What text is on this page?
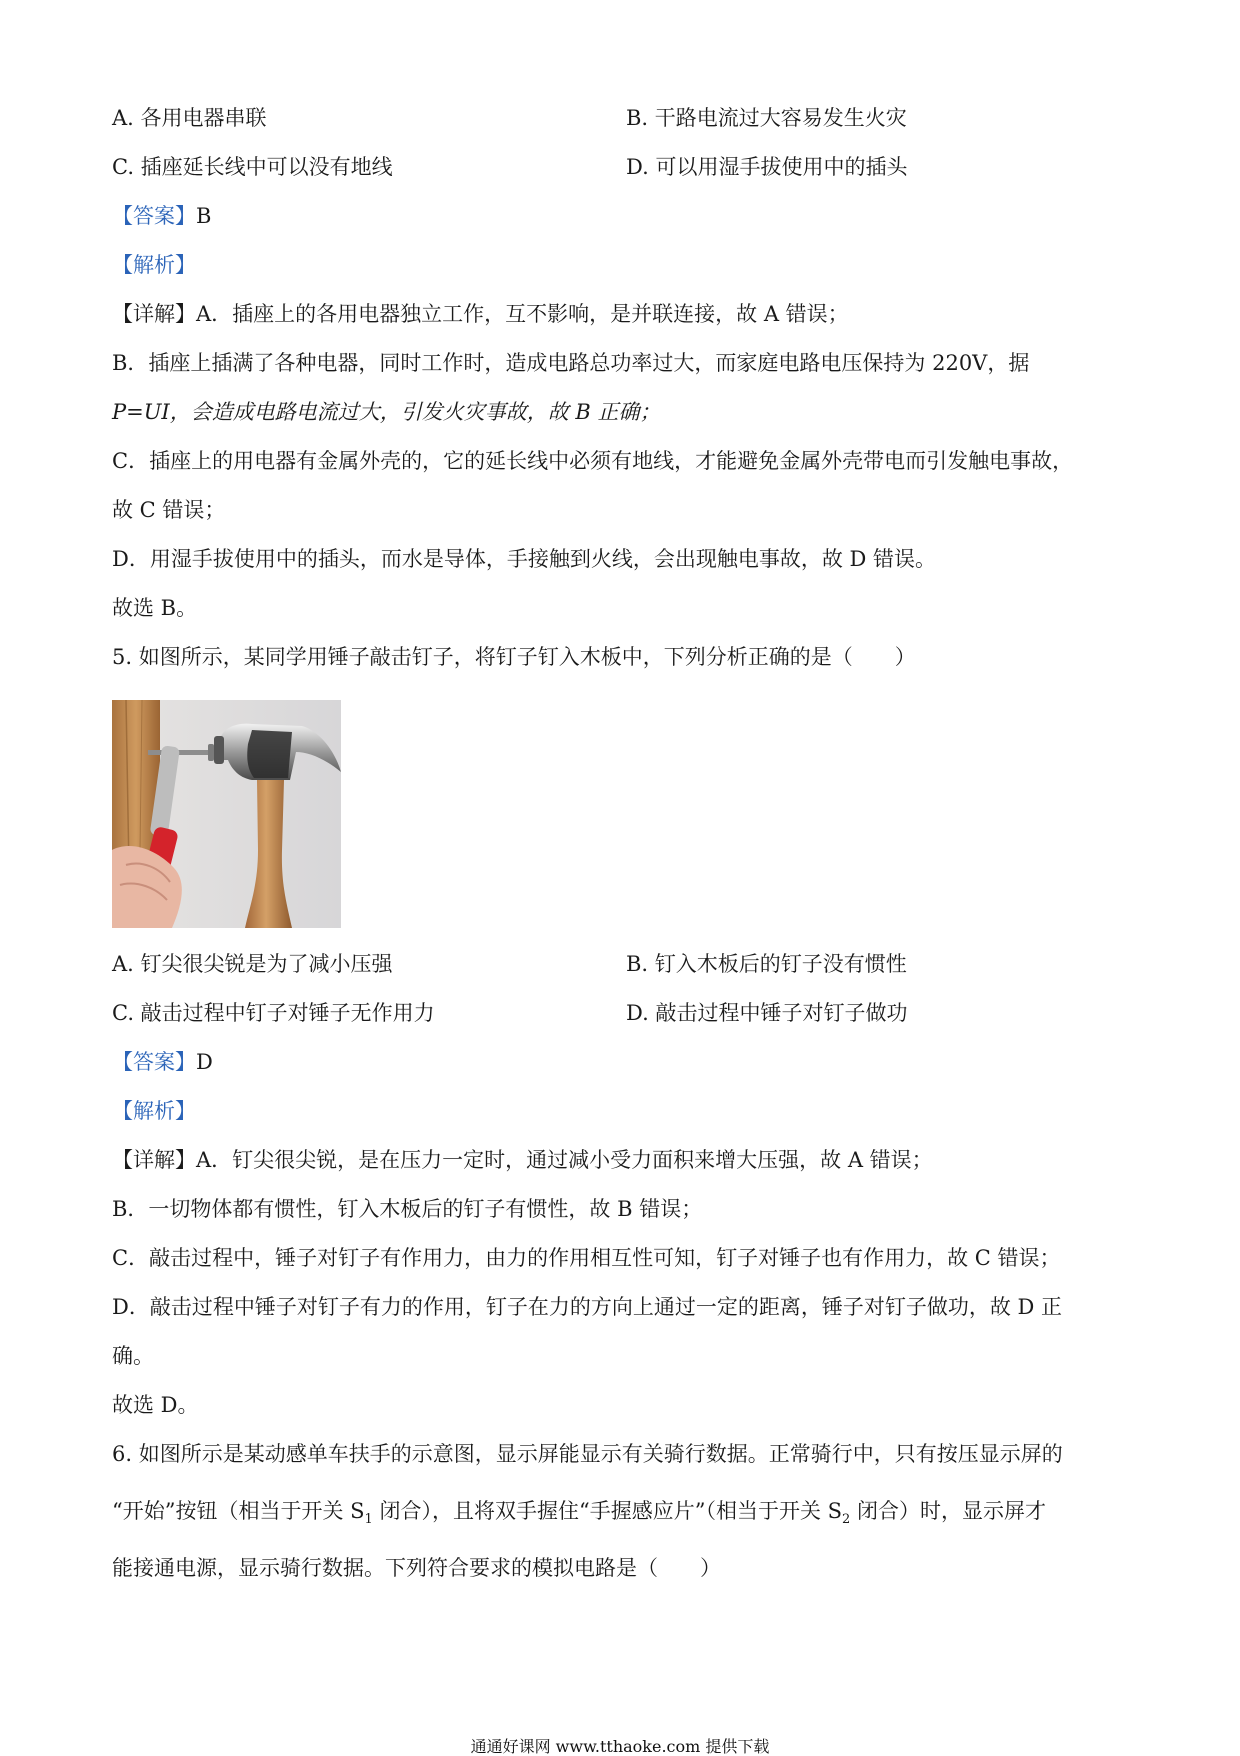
A. 各用电器串联	B. 干路电流过大容易发生火灾
C. 插座延长线中可以没有地线	D. 可以用湿手拔使用中的插头
【答案】B
【解析】
【详解】A．插座上的各用电器独立工作，互不影响，是并联连接，故 A 错误；
B．插座上插满了各种电器，同时工作时，造成电路总功率过大，而家庭电路电压保持为 220V，据
P=UI，会造成电路电流过大，引发火灾事故，故 B 正确；
C．插座上的用电器有金属外壳的，它的延长线中必须有地线，才能避免金属外壳带电而引发触电事故，
故 C 错误；
D．用湿手拔使用中的插头，而水是导体，手接触到火线，会出现触电事故，故 D 错误。
故选 B。
5. 如图所示，某同学用锤子敲击钉子，将钉子钉入木板中，下列分析正确的是（　　）
A. 钉尖很尖锐是为了减小压强	B. 钉入木板后的钉子没有惯性
C. 敲击过程中钉子对锤子无作用力	D. 敲击过程中锤子对钉子做功
【答案】D
【解析】
【详解】A．钉尖很尖锐，是在压力一定时，通过减小受力面积来增大压强，故 A 错误；
B．一切物体都有惯性，钉入木板后的钉子有惯性，故 B 错误；
C．敲击过程中，锤子对钉子有作用力，由力的作用相互性可知，钉子对锤子也有作用力，故 C 错误；
D．敲击过程中锤子对钉子有力的作用，钉子在力的方向上通过一定的距离，锤子对钉子做功，故 D 正
确。
故选 D。
6. 如图所示是某动感单车扶手的示意图，显示屏能显示有关骑行数据。正常骑行中，只有按压显示屏的
“开始”按钮（相当于开关 $S_1$ 闭合），且将双手握住“手握感应片”（相当于开关 $S_2$ 闭合）时，显示屏才
能接通电源，显示骑行数据。下列符合要求的模拟电路是（　　）
通通好课网 www.tthaoke.com 提供下载
